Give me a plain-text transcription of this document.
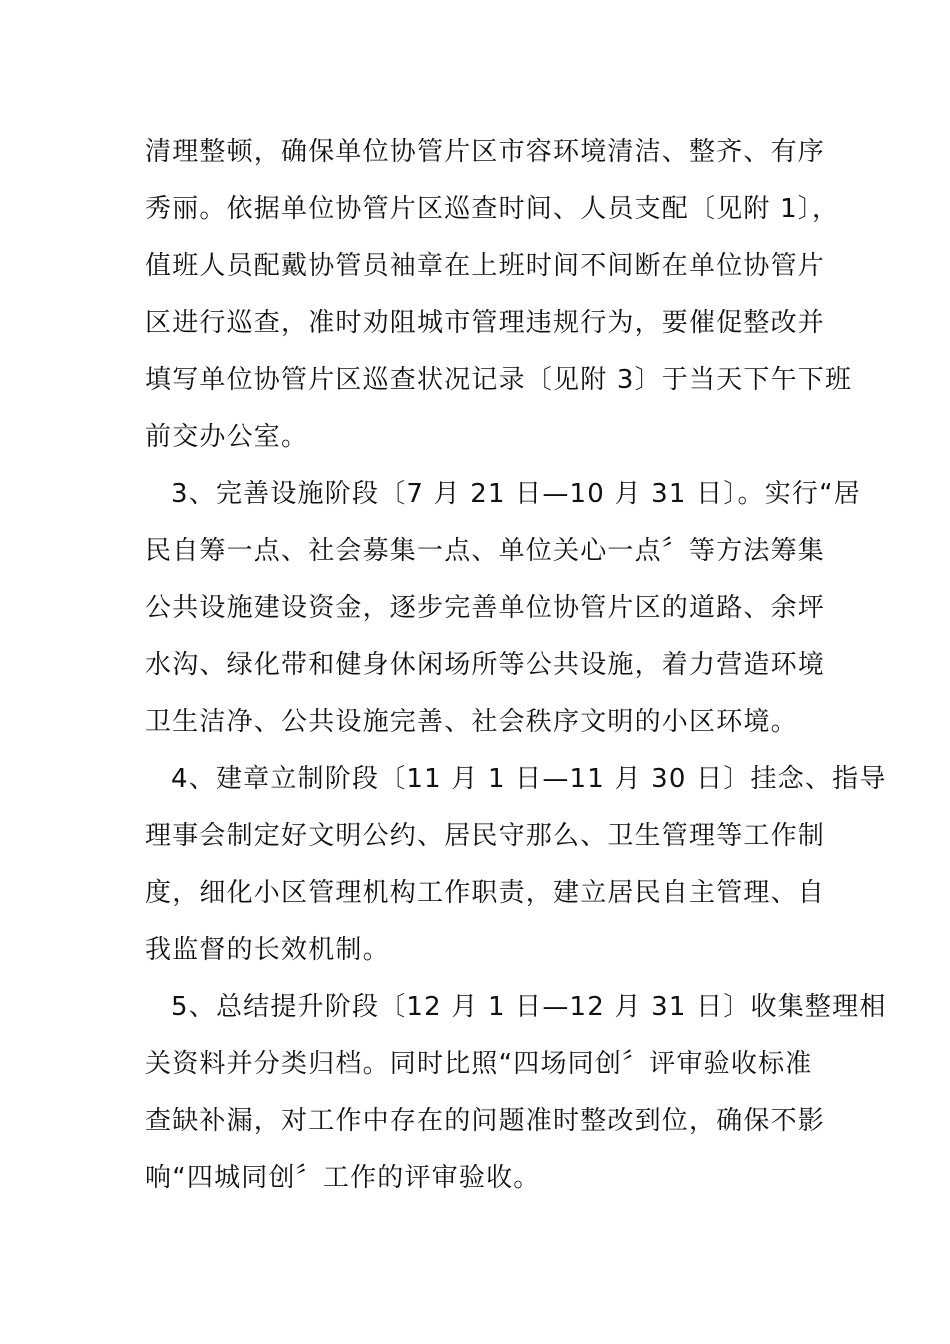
清理整顿，确保单位协管片区市容环境清洁、整齐、有序
秀丽。依据单位协管片区巡查时间、人员支配〔见附 1〕，
值班人员配戴协管员袖章在上班时间不间断在单位协管片
区进行巡查，准时劝阻城市管理违规行为，要催促整改并
填写单位协管片区巡查状况记录〔见附 3〕于当天下午下班
前交办公室。
3、完善设施阶段〔7 月 21 日—10 月 31 日〕。实行“居
民自筹一点、社会募集一点、单位关心一点〞等方法筹集
公共设施建设资金，逐步完善单位协管片区的道路、余坪
水沟、绿化带和健身休闲场所等公共设施，着力营造环境
卫生洁净、公共设施完善、社会秩序文明的小区环境。
4、建章立制阶段〔11 月 1 日—11 月 30 日〕挂念、指导
理事会制定好文明公约、居民守那么、卫生管理等工作制
度，细化小区管理机构工作职责，建立居民自主管理、自
我监督的长效机制。
5、总结提升阶段〔12 月 1 日—12 月 31 日〕收集整理相
关资料并分类归档。同时比照“四场同创〞评审验收标准
查缺补漏，对工作中存在的问题准时整改到位，确保不影
响“四城同创〞工作的评审验收。
